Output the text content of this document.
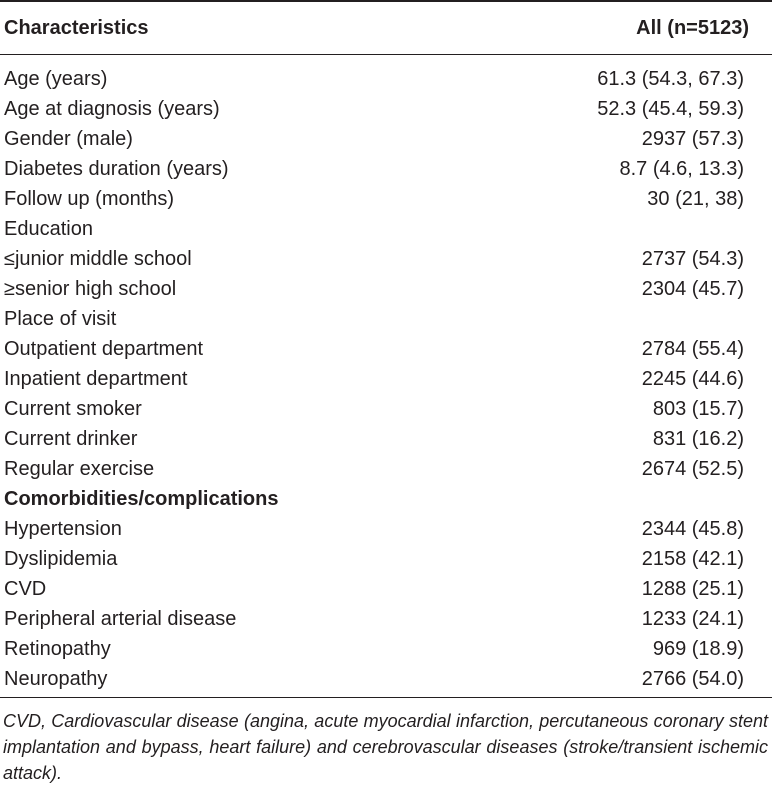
Characteristics	All (n=5123)
Age (years)	61.3 (54.3, 67.3)
Age at diagnosis (years)	52.3 (45.4, 59.3)
Gender (male)	2937 (57.3)
Diabetes duration (years)	8.7 (4.6, 13.3)
Follow up (months)	30 (21, 38)
Education
≤junior middle school	2737 (54.3)
≥senior high school	2304 (45.7)
Place of visit
Outpatient department	2784 (55.4)
Inpatient department	2245 (44.6)
Current smoker	803 (15.7)
Current drinker	831 (16.2)
Regular exercise	2674 (52.5)
Comorbidities/complications
Hypertension	2344 (45.8)
Dyslipidemia	2158 (42.1)
CVD	1288 (25.1)
Peripheral arterial disease	1233 (24.1)
Retinopathy	969 (18.9)
Neuropathy	2766 (54.0)
CVD, Cardiovascular disease (angina, acute myocardial infarction, percutaneous coronary stent implantation and bypass, heart failure) and cerebrovascular diseases (stroke/transient ischemic attack).
